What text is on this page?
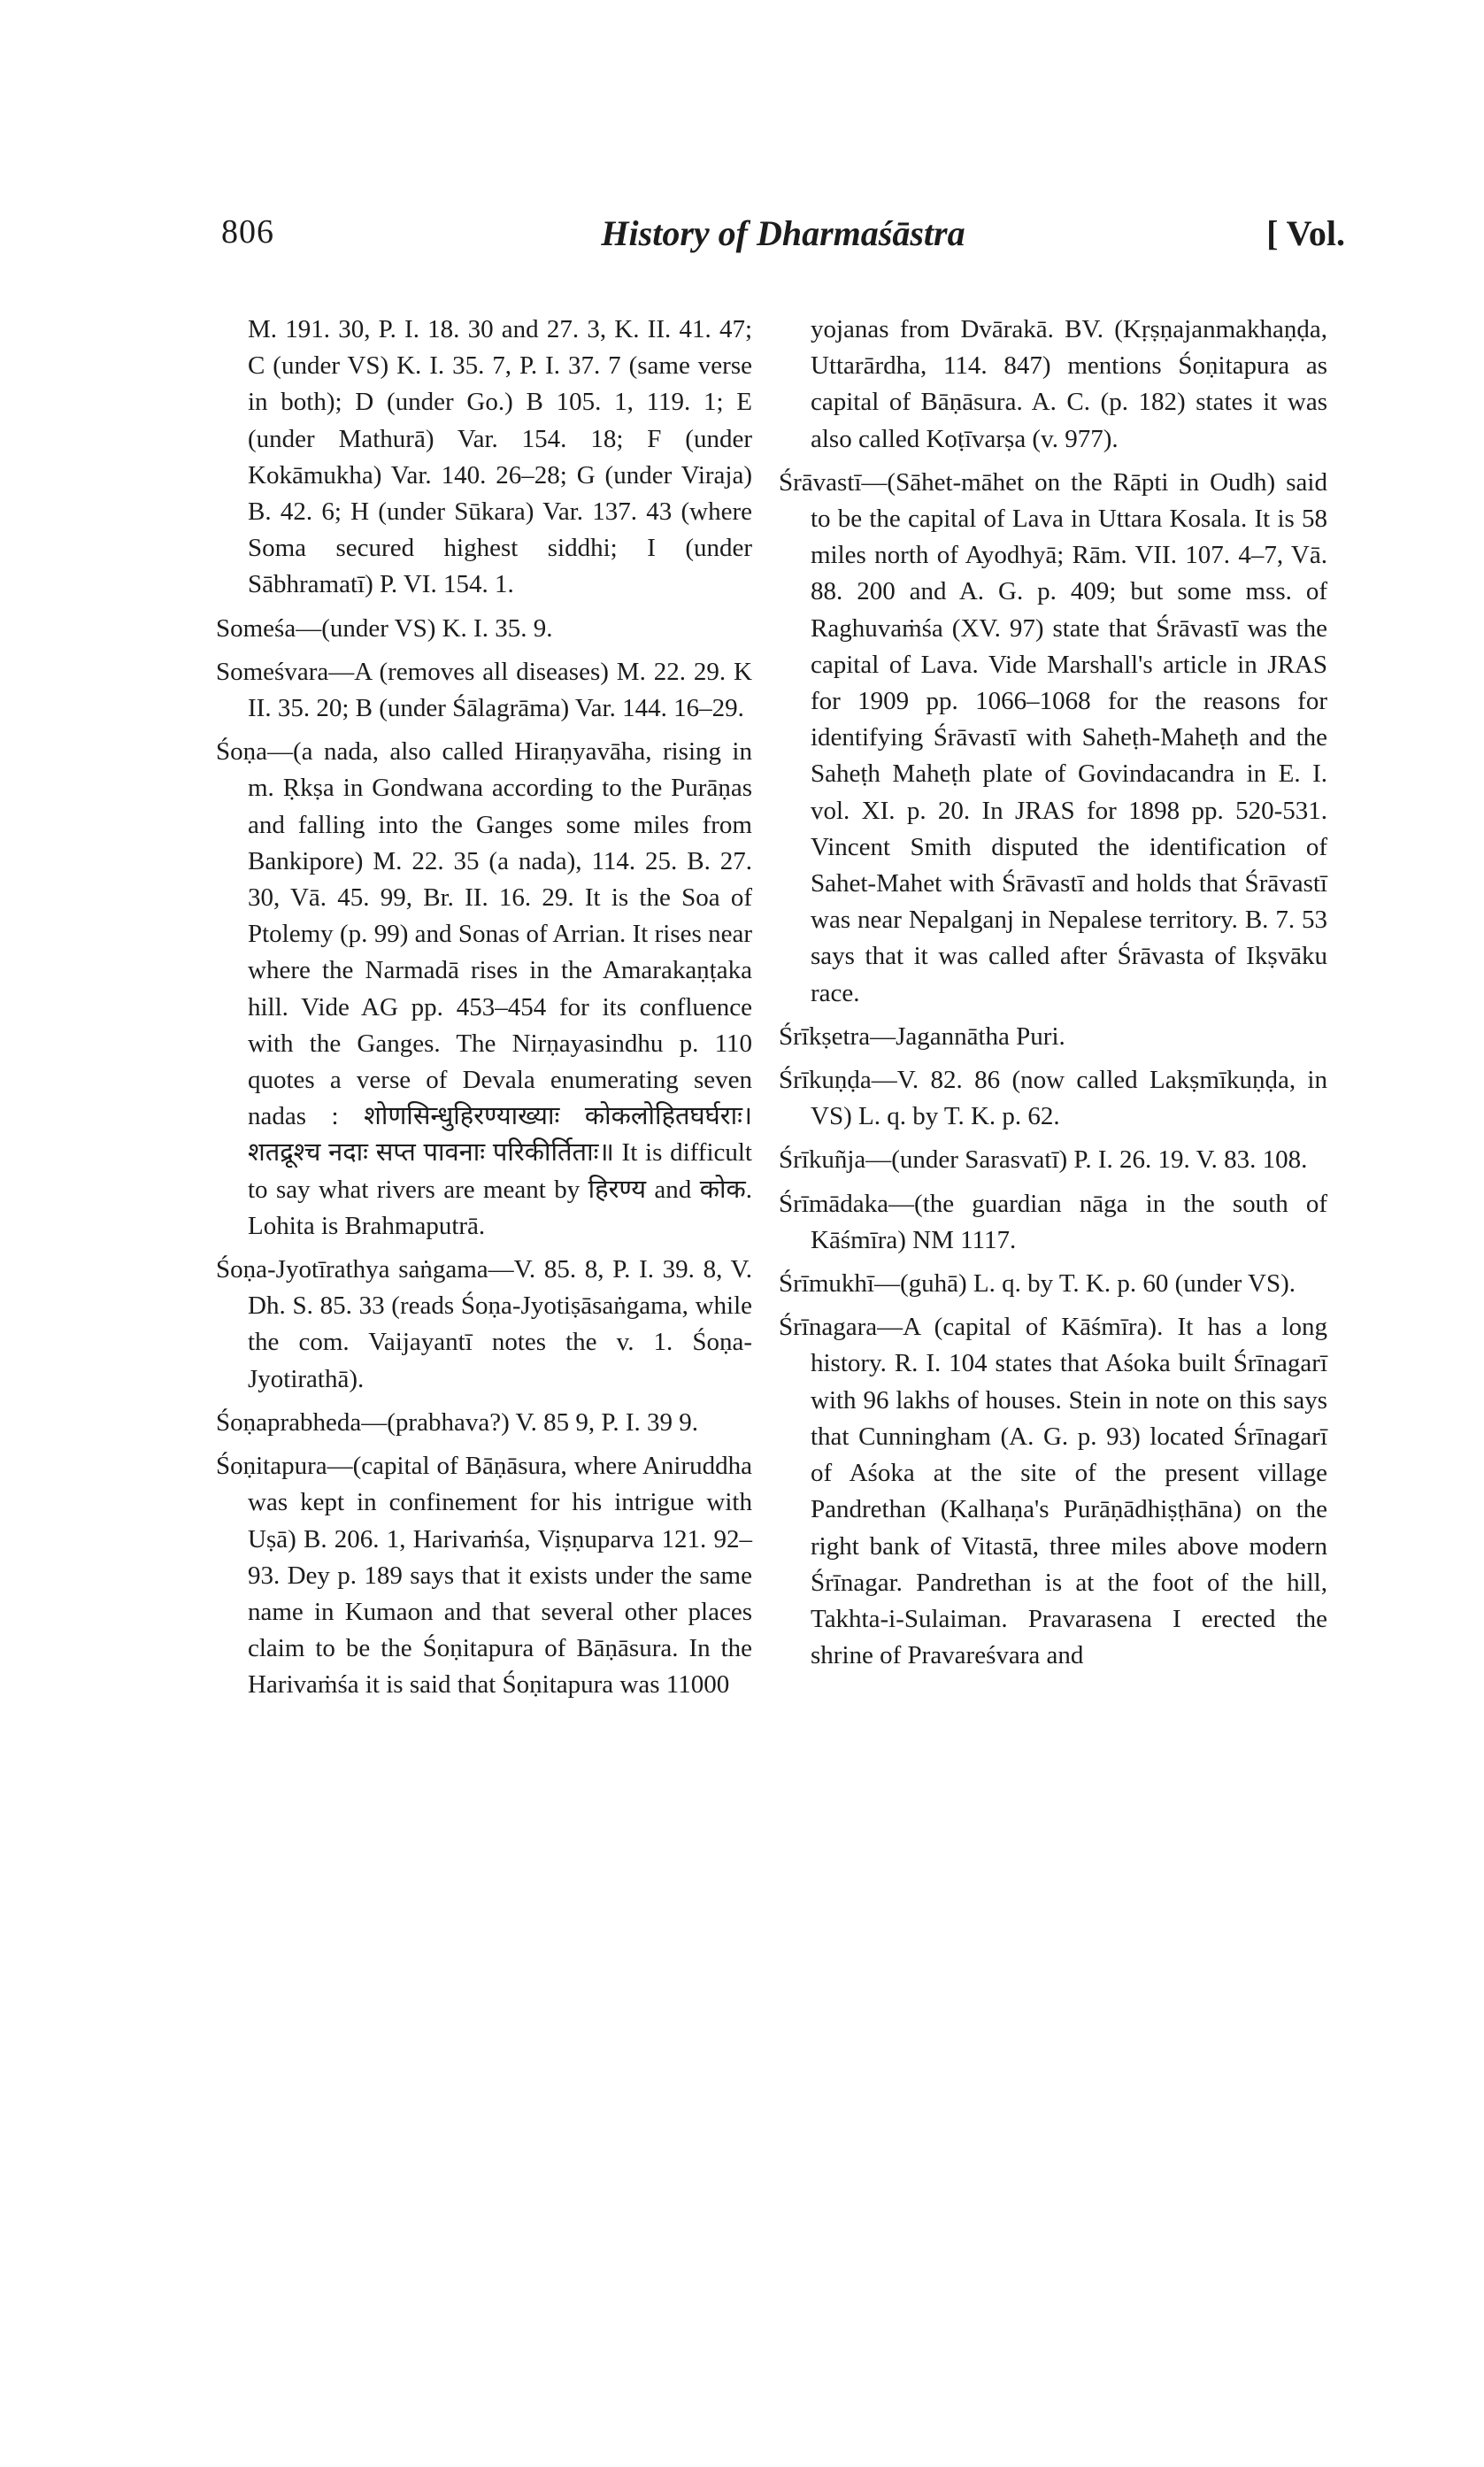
806	History of Dharmaśāstra	[ Vol.

M. 191. 30, P. I. 18. 30 and 27. 3, K. II. 41. 47; C (under VS) K. I. 35. 7, P. I. 37. 7 (same verse in both); D (under Go.) B 105. 1, 119. 1; E (under Mathurā) Var. 154. 18; F (under Kokāmukha) Var. 140. 26–28; G (under Viraja) B. 42. 6; H (under Sūkara) Var. 137. 43 (where Soma secured highest siddhi; I (under Sābhramatī) P. VI. 154. 1.

Someśa—(under VS) K. I. 35. 9.

Someśvara—A (removes all diseases) M. 22. 29. K II. 35. 20; B (under Śālagrāma) Var. 144. 16–29.

Śoṇa—(a nada, also called Hiraṇyavāha, rising in m. Ṛkṣa in Gondwana according to the Purāṇas and falling into the Ganges some miles from Bankipore) M. 22. 35 (a nada), 114. 25. B. 27. 30, Vā. 45. 99, Br. II. 16. 29. It is the Soa of Ptolemy (p. 99) and Sonas of Arrian. It rises near where the Narmadā rises in the Amarakaṇṭaka hill. Vide AG pp. 453–454 for its confluence with the Ganges. The Nirṇayasindhu p. 110 quotes a verse of Devala enumerating seven nadas : शोणसिन्धुहिरण्याख्याः कोकलोहितघर्घराः। शतद्रूश्च नदाः सप्त पावनाः परिकीर्तिताः॥ It is difficult to say what rivers are meant by हिरण्य and कोक. Lohita is Brahmaputrā.

Śoṇa-Jyotīrathya saṅgama—V. 85. 8, P. I. 39. 8, V. Dh. S. 85. 33 (reads Śoṇa-Jyotiṣāsaṅgama, while the com. Vaijayantī notes the v. 1. Śoṇa-Jyotirathā).

Śoṇaprabheda—(prabhava?) V. 85 9, P. I. 39 9.

Śoṇitapura—(capital of Bāṇāsura, where Aniruddha was kept in confinement for his intrigue with Uṣā) B. 206. 1, Harivaṁśa, Viṣṇuparva 121. 92–93. Dey p. 189 says that it exists under the same name in Kumaon and that several other places claim to be the Śoṇitapura of Bāṇāsura. In the Harivaṁśa it is said that Śoṇitapura was 11000

yojanas from Dvārakā. BV. (Kṛṣṇajanmakhaṇḍa, Uttarārdha, 114. 847) mentions Śoṇitapura as capital of Bāṇāsura. A. C. (p. 182) states it was also called Koṭīvarṣa (v. 977).

Śrāvastī—(Sāhet-māhet on the Rāpti in Oudh) said to be the capital of Lava in Uttara Kosala. It is 58 miles north of Ayodhyā; Rām. VII. 107. 4–7, Vā. 88. 200 and A. G. p. 409; but some mss. of Raghuvaṁśa (XV. 97) state that Śrāvastī was the capital of Lava. Vide Marshall's article in JRAS for 1909 pp. 1066–1068 for the reasons for identifying Śrāvastī with Saheṭh-Maheṭh and the Saheṭh Maheṭh plate of Govindacandra in E. I. vol. XI. p. 20. In JRAS for 1898 pp. 520-531. Vincent Smith disputed the identification of Sahet-Mahet with Śrāvastī and holds that Śrāvastī was near Nepalganj in Nepalese territory. B. 7. 53 says that it was called after Śrāvasta of Ikṣvāku race.

Śrīkṣetra—Jagannātha Puri.

Śrīkuṇḍa—V. 82. 86 (now called Lakṣmīkuṇḍa, in VS) L. q. by T. K. p. 62.

Śrīkuñja—(under Sarasvatī) P. I. 26. 19. V. 83. 108.

Śrīmādaka—(the guardian nāga in the south of Kāśmīra) NM 1117.

Śrīmukhī—(guhā) L. q. by T. K. p. 60 (under VS).

Śrīnagara—A (capital of Kāśmīra). It has a long history. R. I. 104 states that Aśoka built Śrīnagarī with 96 lakhs of houses. Stein in note on this says that Cunningham (A. G. p. 93) located Śrīnagarī of Aśoka at the site of the present village Pandrethan (Kalhaṇa's Purāṇādhiṣṭhāna) on the right bank of Vitastā, three miles above modern Śrīnagar. Pandrethan is at the foot of the hill, Takhta-i-Sulaiman. Pravarasena I erected the shrine of Pravareśvara and
